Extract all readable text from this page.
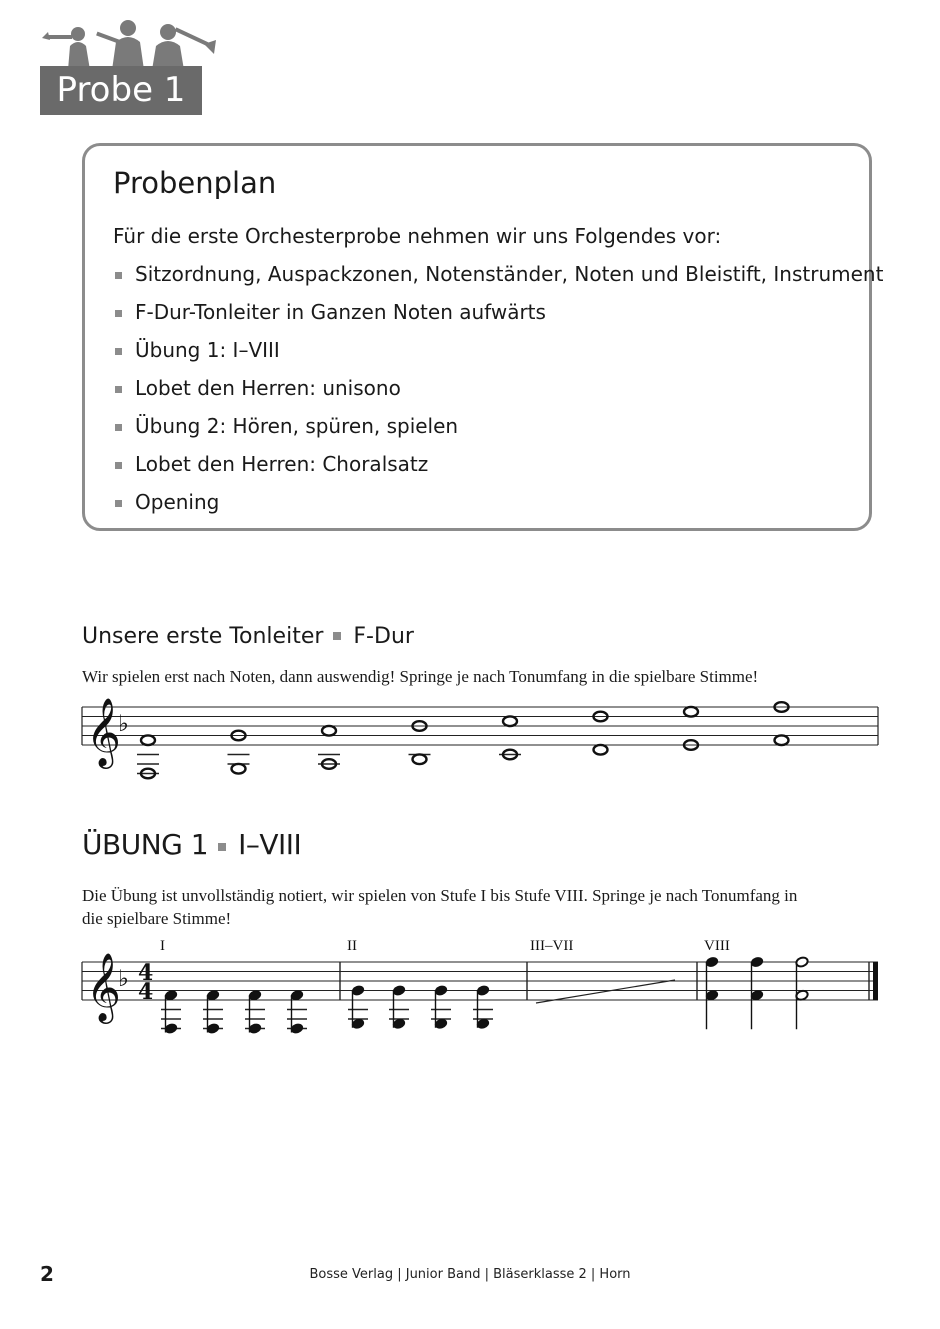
Probe 1
Probenplan
Für die erste Orchesterprobe nehmen wir uns Folgendes vor:
Sitzordnung, Auspackzonen, Notenständer, Noten und Bleistift, Instrument
F-Dur-Tonleiter in Ganzen Noten aufwärts
Übung 1: I–VIII
Lobet den Herren: unisono
Übung 2: Hören, spüren, spielen
Lobet den Herren: Choralsatz
Opening
Unsere erste Tonleiter F-Dur
Wir spielen erst nach Noten, dann auswendig! Springe je nach Tonumfang in die spielbare Stimme!
ÜBUNG 1 I–VIII
Die Übung ist unvollständig notiert, wir spielen von Stufe I bis Stufe VIII. Springe je nach Tonumfang in
die spielbare Stimme!
𝄞
♭
𝄞
♭ 4
4
I	II	III–VII	VIII
2	Bosse Verlag | Junior Band | Bläserklasse 2 | Horn
